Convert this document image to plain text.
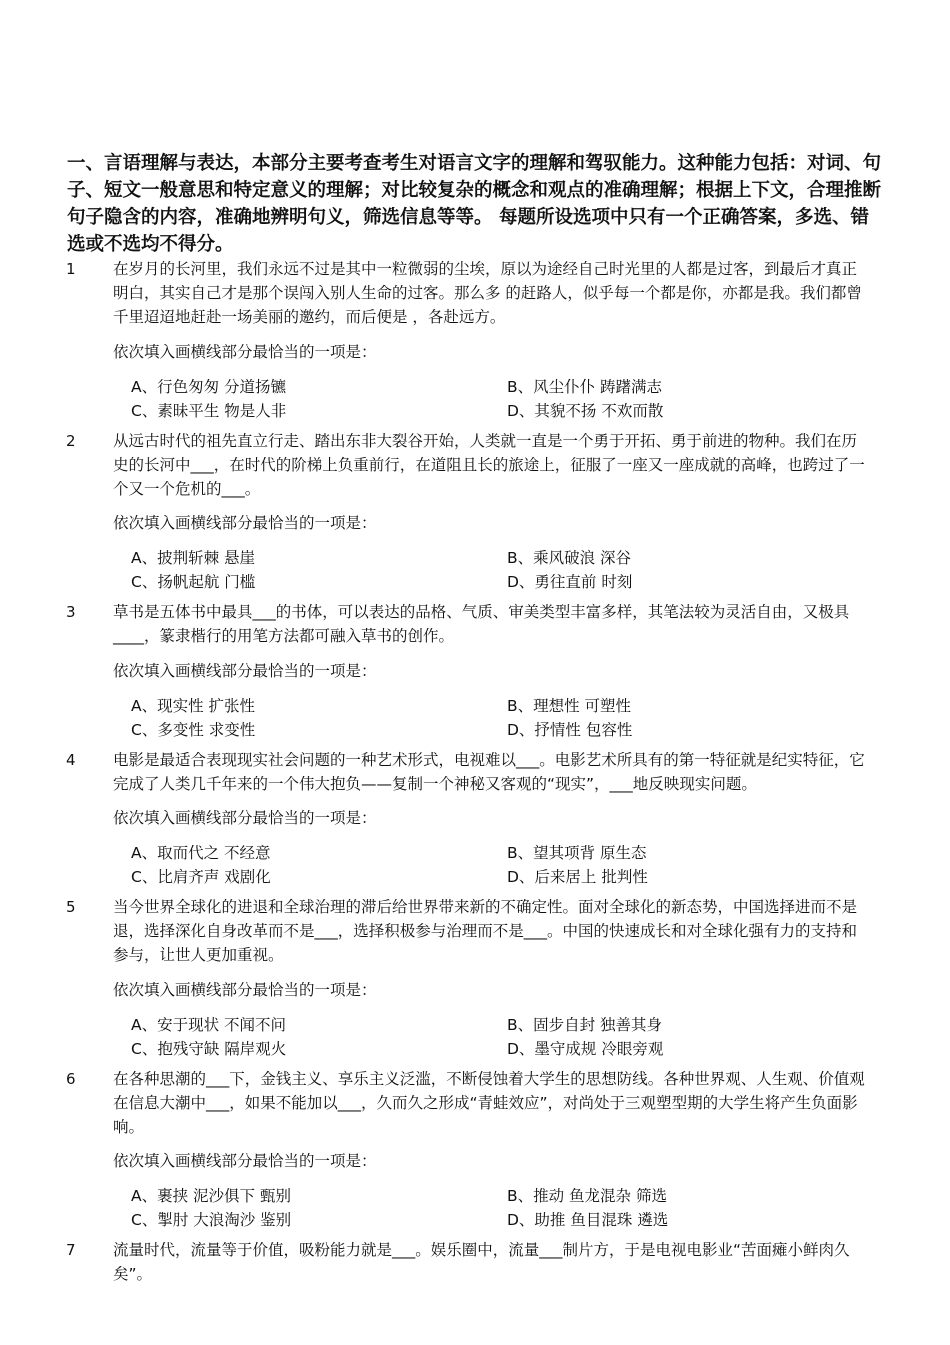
一、言语理解与表达，本部分主要考查考生对语言文字的理解和驾驭能力。这种能力包括：对词、句子、短文一般意思和特定意义的理解；对比较复杂的概念和观点的准确理解；根据上下文，合理推断句子隐含的内容，准确地辨明句义，筛选信息等等。 每题所设选项中只有一个正确答案，多选、错选或不选均不得分。

1 在岁月的长河里，我们永远不过是其中一粒微弱的尘埃，原以为途经自己时光里的人都是过客，到最后才真正明白，其实自己才是那个误闯入别人生命的过客。那么多 的赶路人，似乎每一个都是你，亦都是我。我们都曾千里迢迢地赶赴一场美丽的邀约，而后便是 ，各赴远方。

依次填入画横线部分最恰当的一项是：

A、行色匆匆 分道扬镳	B、风尘仆仆 踌躇满志
C、素昧平生 物是人非	D、其貌不扬 不欢而散
2 从远古时代的祖先直立行走、踏出东非大裂谷开始，人类就一直是一个勇于开拓、勇于前进的物种。我们在历史的长河中___，在时代的阶梯上负重前行，在道阻且长的旅途上，征服了一座又一座成就的高峰，也跨过了一个又一个危机的___。

依次填入画横线部分最恰当的一项是：

A、披荆斩棘 悬崖	B、乘风破浪 深谷
C、扬帆起航 门槛	D、勇往直前 时刻
3 草书是五体书中最具___的书体，可以表达的品格、气质、审美类型丰富多样，其笔法较为灵活自由，又极具____，篆隶楷行的用笔方法都可融入草书的创作。

依次填入画横线部分最恰当的一项是：

A、现实性 扩张性	B、理想性 可塑性
C、多变性 求变性	D、抒情性 包容性
4 电影是最适合表现现实社会问题的一种艺术形式，电视难以___。电影艺术所具有的第一特征就是纪实特征，它完成了人类几千年来的一个伟大抱负——复制一个神秘又客观的“现实”，___地反映现实问题。

依次填入画横线部分最恰当的一项是：

A、取而代之 不经意	B、望其项背 原生态
C、比肩齐声 戏剧化	D、后来居上 批判性
5 当今世界全球化的进退和全球治理的滞后给世界带来新的不确定性。面对全球化的新态势，中国选择进而不是退，选择深化自身改革而不是___，选择积极参与治理而不是___。中国的快速成长和对全球化强有力的支持和参与，让世人更加重视。

依次填入画横线部分最恰当的一项是：

A、安于现状 不闻不问	B、固步自封 独善其身
C、抱残守缺 隔岸观火	D、墨守成规 冷眼旁观
6 在各种思潮的___下，金钱主义、享乐主义泛滥，不断侵蚀着大学生的思想防线。各种世界观、人生观、价值观在信息大潮中___，如果不能加以___，久而久之形成“青蛙效应”，对尚处于三观塑型期的大学生将产生负面影响。

依次填入画横线部分最恰当的一项是：

A、裹挟 泥沙俱下 甄别	B、推动 鱼龙混杂 筛选
C、掣肘 大浪淘沙 鉴别	D、助推 鱼目混珠 遴选
7 流量时代，流量等于价值，吸粉能力就是___。娱乐圈中，流量___制片方，于是电视电影业“苦面瘫小鲜肉久矣”。
